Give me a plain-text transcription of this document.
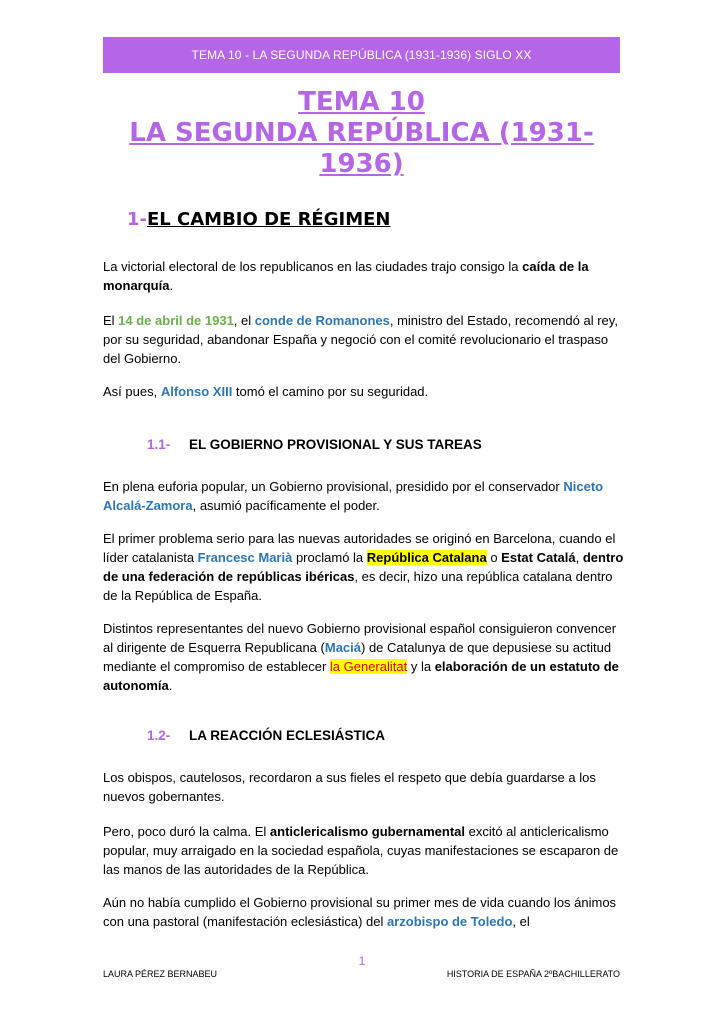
TEMA 10 - LA SEGUNDA REPÚBLICA (1931-1936) SIGLO XX
TEMA 10
LA SEGUNDA REPÚBLICA (1931-
1936)
1-EL CAMBIO DE RÉGIMEN

La victorial electoral de los republicanos en las ciudades trajo consigo la caída de la monarquía.

El 14 de abril de 1931, el conde de Romanones, ministro del Estado, recomendó al rey, por su seguridad, abandonar España y negoció con el comité revolucionario el traspaso del Gobierno.

Así pues, Alfonso XIII tomó el camino por su seguridad.

1.1- EL GOBIERNO PROVISIONAL Y SUS TAREAS

En plena euforia popular, un Gobierno provisional, presidido por el conservador Niceto Alcalá-Zamora, asumió pacíficamente el poder.

El primer problema serio para las nuevas autoridades se originó en Barcelona, cuando el líder catalanista Francesc Marià proclamó la República Catalana o Estat Catalá, dentro de una federación de repúblicas ibéricas, es decir, hizo una república catalana dentro de la República de España.

Distintos representantes del nuevo Gobierno provisional español consiguieron convencer al dirigente de Esquerra Republicana (Maciá) de Catalunya de que depusiese su actitud mediante el compromiso de establecer la Generalitat y la elaboración de un estatuto de autonomía.

1.2- LA REACCIÓN ECLESIÁSTICA

Los obispos, cautelosos, recordaron a sus fieles el respeto que debía guardarse a los nuevos gobernantes.

Pero, poco duró la calma. El anticlericalismo gubernamental excitó al anticlericalismo popular, muy arraigado en la sociedad española, cuyas manifestaciones se escaparon de las manos de las autoridades de la República.

Aún no había cumplido el Gobierno provisional su primer mes de vida cuando los ánimos con una pastoral (manifestación eclesiástica) del arzobispo de Toledo, el

1
LAURA PÉREZ BERNABEU	HISTORIA DE ESPAÑA 2ºBACHILLERATO
